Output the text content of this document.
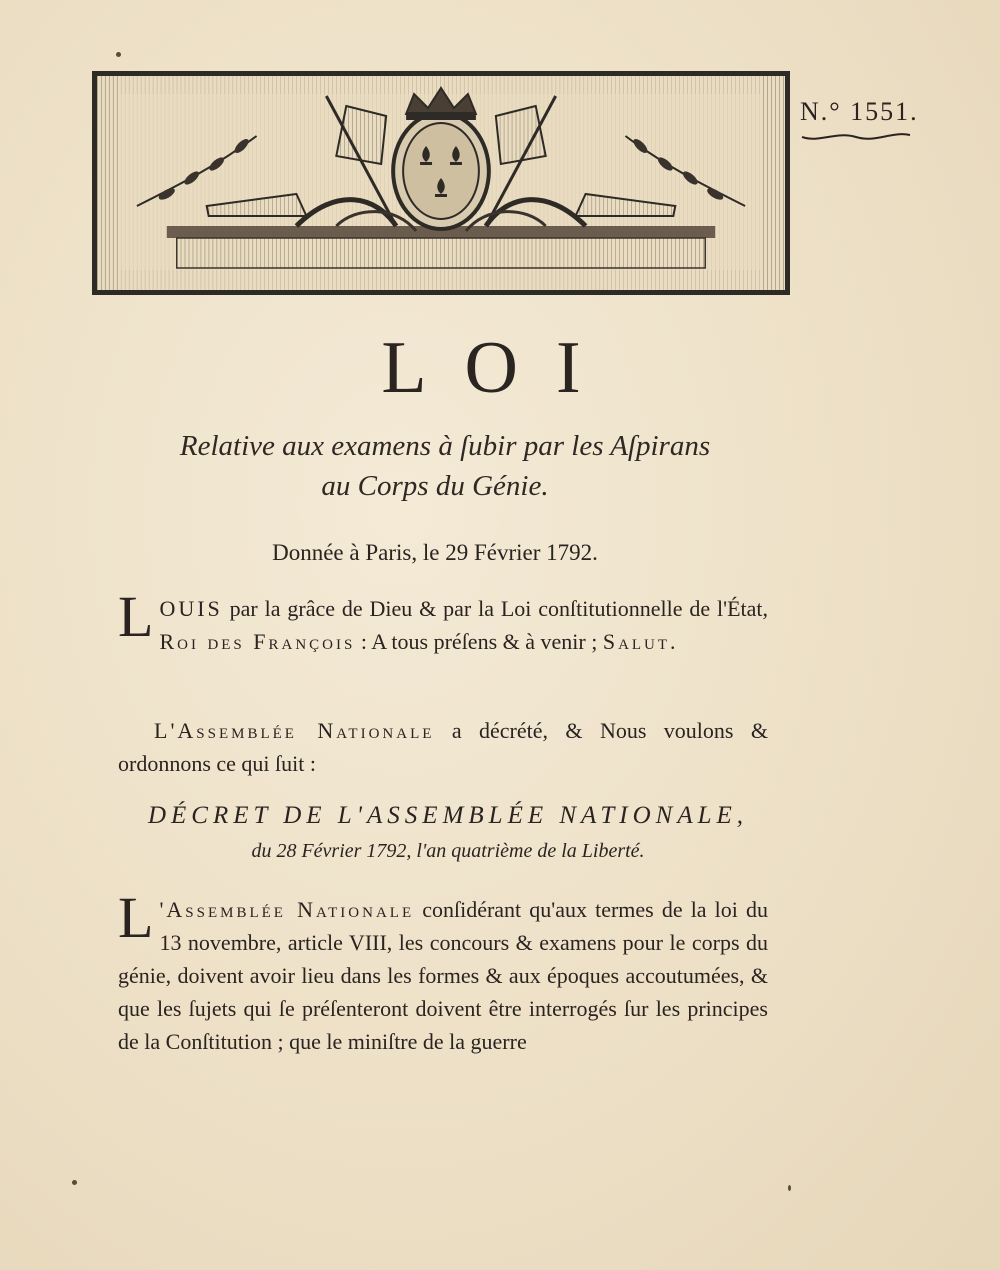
N.° 1551.
LOI
Relative aux examens à ſubir par les Aſpirans
au Corps du Génie.
Donnée à Paris, le 29 Février 1792.
LOUIS par la grâce de Dieu & par la Loi conſtitutionnelle de l'État, Roi des François : A tous préſens & à venir ; Salut.
L'Assemblée Nationale a décrété, & Nous voulons & ordonnons ce qui ſuit :
DÉCRET DE L'ASSEMBLÉE NATIONALE,
du 28 Février 1792, l'an quatrième de la Liberté.
L 'Assemblée Nationale conſidérant qu'aux termes de la loi du 13 novembre, article VIII, les concours & examens pour le corps du génie, doivent avoir lieu dans les formes & aux époques accoutumées, & que les ſujets qui ſe préſenteront doivent être interrogés ſur les principes de la Conſtitution ; que le miniſtre de la guerre
